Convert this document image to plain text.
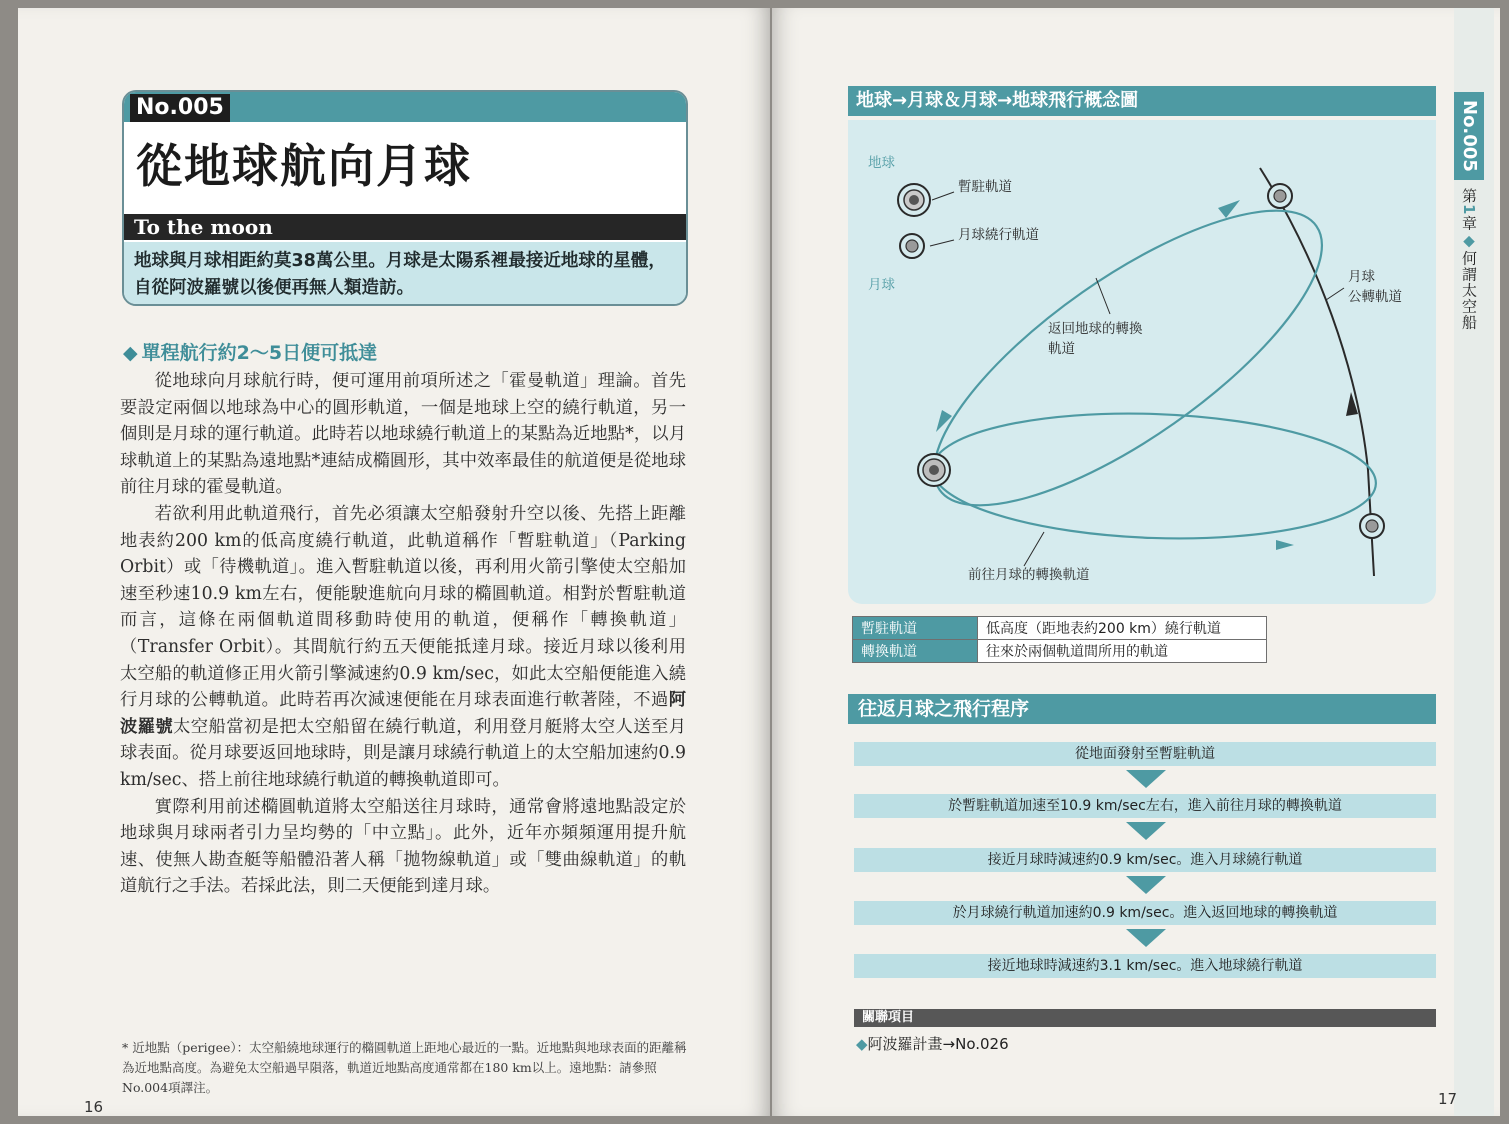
No.005
從地球航向月球
To the moon
地球與月球相距約莫38萬公里。月球是太陽系裡最接近地球的星體，自從阿波羅號以後便再無人類造訪。
◆ 單程航行約2～5日便可抵達

從地球向月球航行時，便可運用前項所述之「霍曼軌道」理論。首先要設定兩個以地球為中心的圓形軌道，一個是地球上空的繞行軌道，另一個則是月球的運行軌道。此時若以地球繞行軌道上的某點為近地點*，以月球軌道上的某點為遠地點*連結成橢圓形，其中效率最佳的航道便是從地球前往月球的霍曼軌道。

若欲利用此軌道飛行，首先必須讓太空船發射升空以後、先搭上距離地表約200 km的低高度繞行軌道，此軌道稱作「暫駐軌道」（Parking Orbit）或「待機軌道」。進入暫駐軌道以後，再利用火箭引擎使太空船加速至秒速10.9 km左右，便能駛進航向月球的橢圓軌道。相對於暫駐軌道而言，這條在兩個軌道間移動時使用的軌道，便稱作「轉換軌道」（Transfer Orbit）。其間航行約五天便能抵達月球。接近月球以後利用太空船的軌道修正用火箭引擎減速約0.9 km/sec，如此太空船便能進入繞行月球的公轉軌道。此時若再次減速便能在月球表面進行軟著陸，不過阿波羅號太空船當初是把太空船留在繞行軌道，利用登月艇將太空人送至月球表面。從月球要返回地球時，則是讓月球繞行軌道上的太空船加速約0.9 km/sec、搭上前往地球繞行軌道的轉換軌道即可。

實際利用前述橢圓軌道將太空船送往月球時，通常會將遠地點設定於地球與月球兩者引力呈均勢的「中立點」。此外，近年亦頻頻運用提升航速、使無人勘查艇等船體沿著人稱「拋物線軌道」或「雙曲線軌道」的軌道航行之手法。若採此法，則二天便能到達月球。

* 近地點（perigee）：太空船繞地球運行的橢圓軌道上距地心最近的一點。近地點與地球表面的距離稱為近地點高度。為避免太空船過早隕落，軌道近地點高度通常都在180 km以上。遠地點：請參照No.004項譯注。
16
地球→月球＆月球→地球飛行概念圖
地球
暫駐軌道
月球繞行軌道
月球	月球
公轉軌道
返回地球的轉換
軌道
前往月球的轉換軌道
暫駐軌道	低高度（距地表約200 km）繞行軌道
轉換軌道	往來於兩個軌道間所用的軌道
往返月球之飛行程序
從地面發射至暫駐軌道
於暫駐軌道加速至10.9 km/sec左右，進入前往月球的轉換軌道
接近月球時減速約0.9 km/sec。進入月球繞行軌道
於月球繞行軌道加速約0.9 km/sec。進入返回地球的轉換軌道
接近地球時減速約3.1 km/sec。進入地球繞行軌道
關聯項目
◆阿波羅計畫→No.026
No.005
第1章◆何謂太空船
17
